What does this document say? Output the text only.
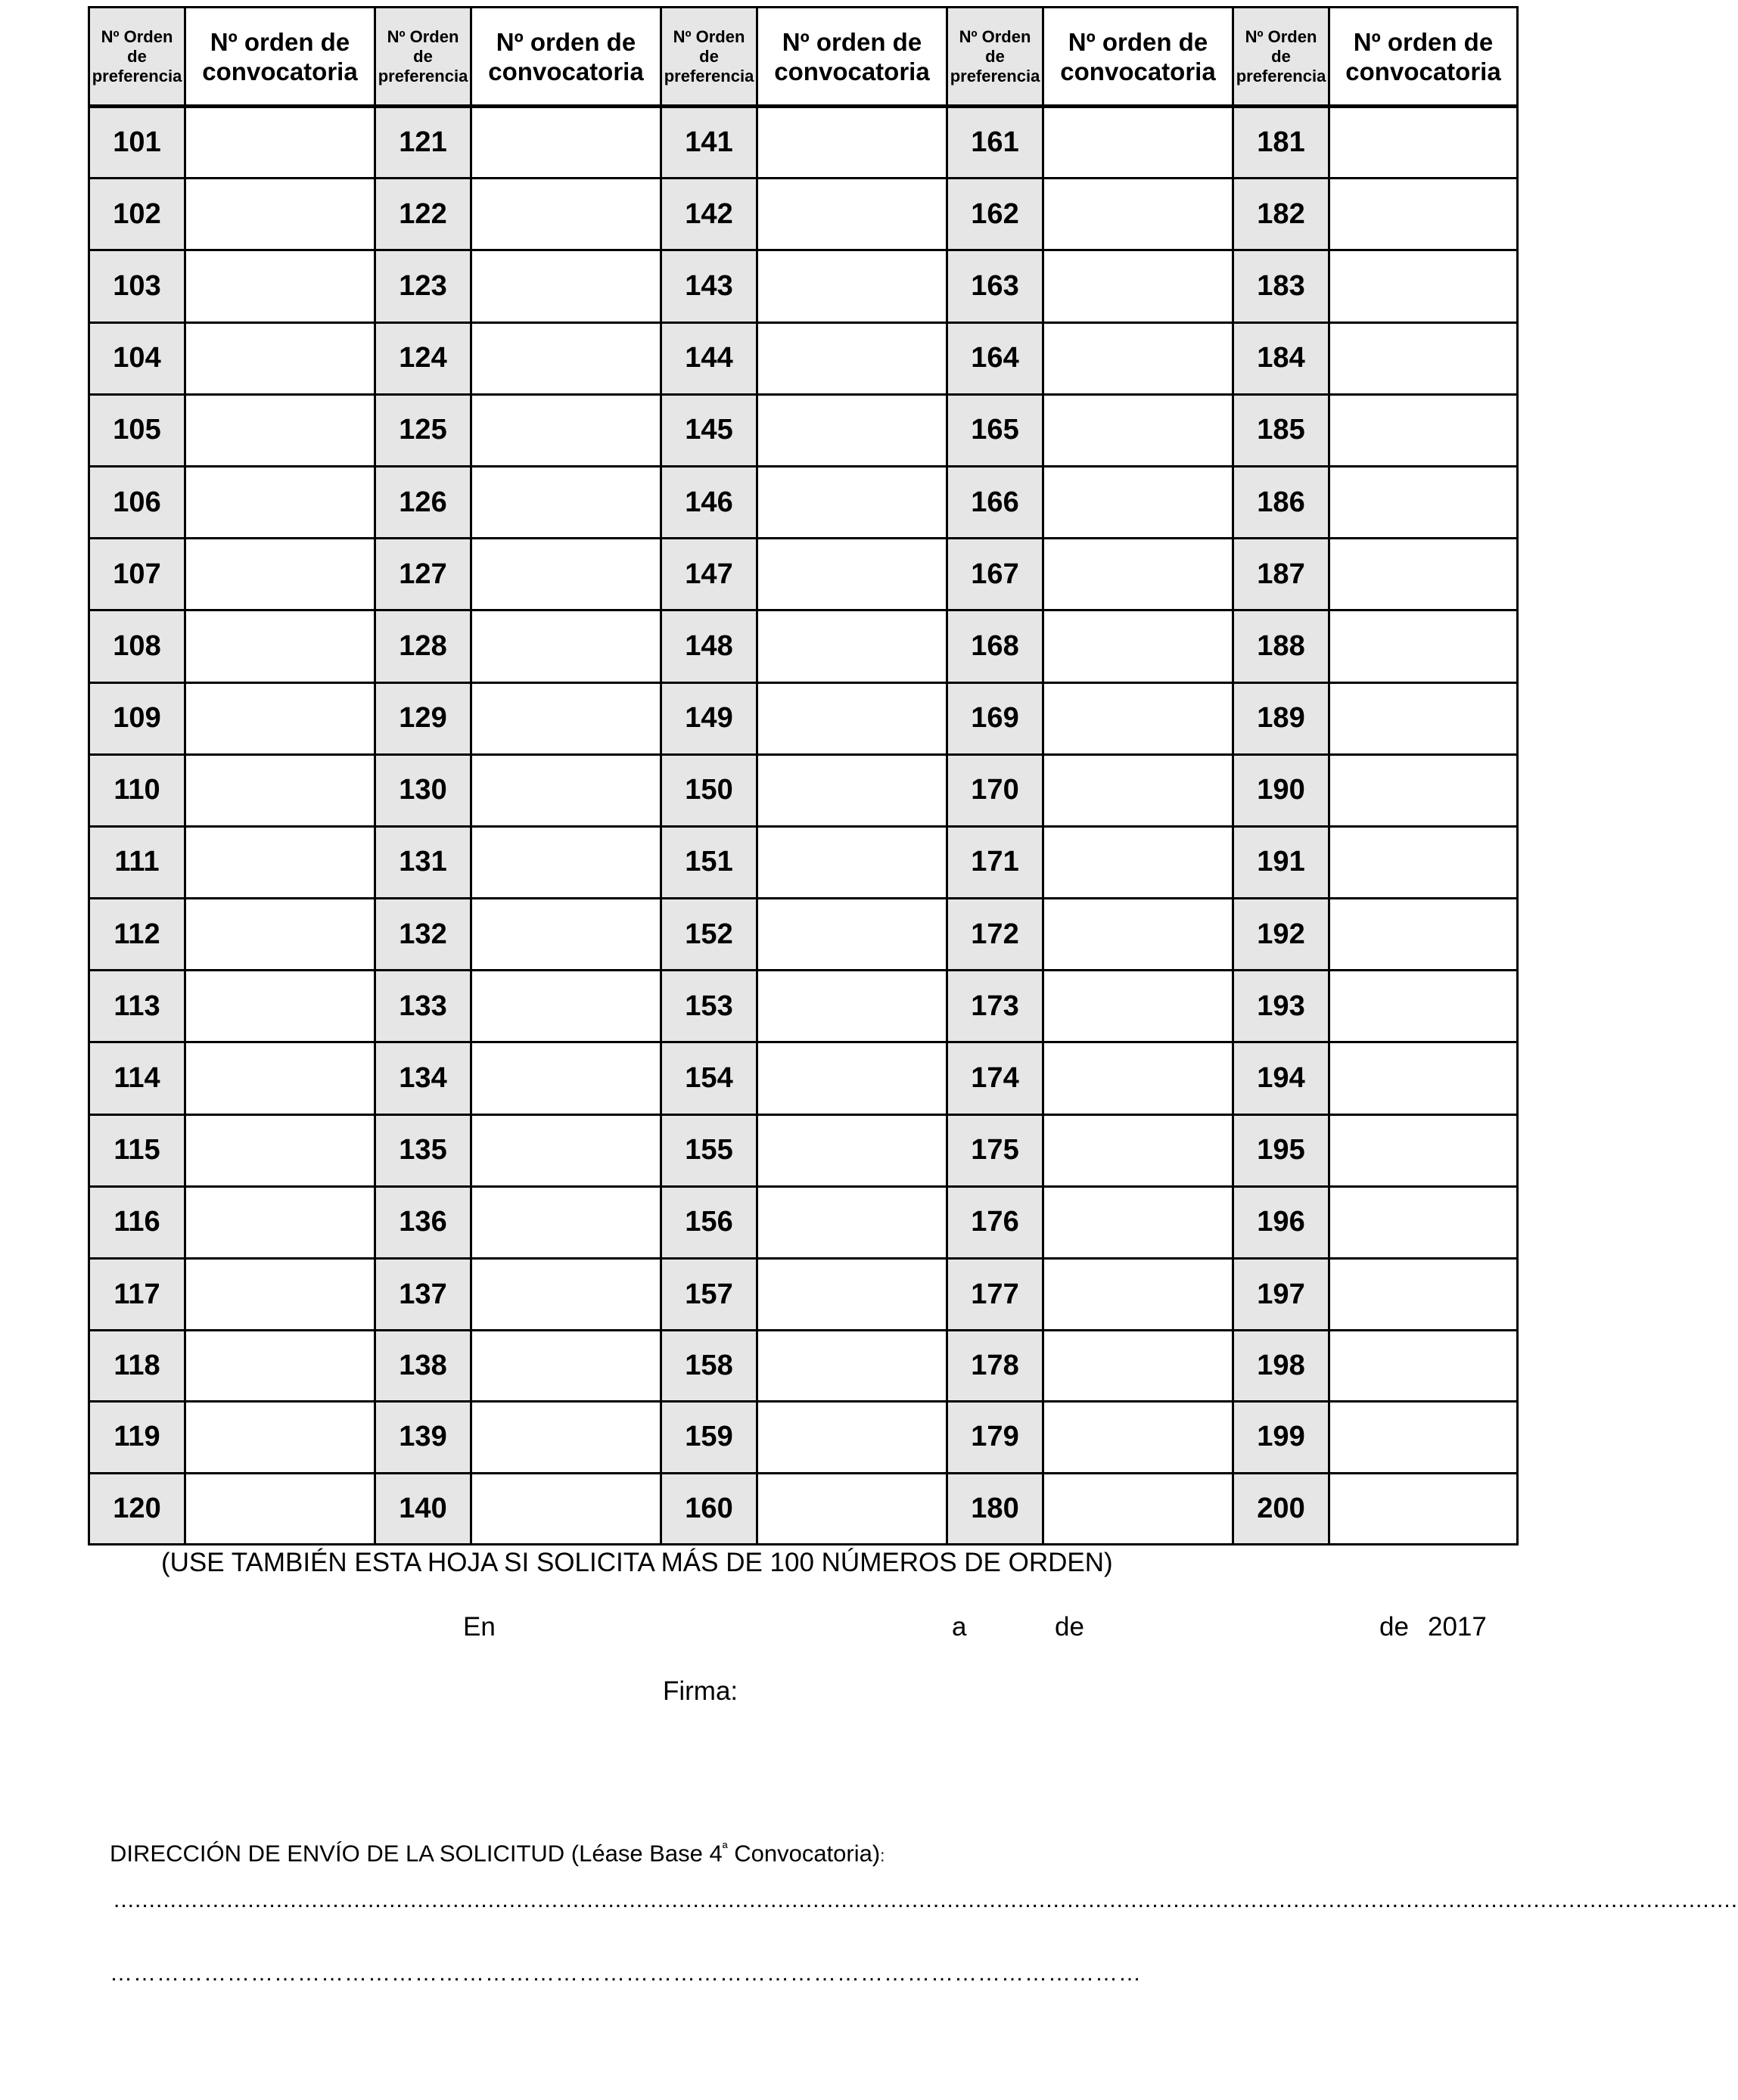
Nº Orden de preferencia	Nº orden de convocatoria	Nº Orden de preferencia	Nº orden de convocatoria	Nº Orden de preferencia	Nº orden de convocatoria	Nº Orden de preferencia	Nº orden de convocatoria	Nº Orden de preferencia	Nº orden de convocatoria
101		121		141		161		181	
102		122		142		162		182	
103		123		143		163		183	
104		124		144		164		184	
105		125		145		165		185	
106		126		146		166		186	
107		127		147		167		187	
108		128		148		168		188	
109		129		149		169		189	
110		130		150		170		190	
111		131		151		171		191	
112		132		152		172		192	
113		133		153		173		193	
114		134		154		174		194	
115		135		155		175		195	
116		136		156		176		196	
117		137		157		177		197	
118		138		158		178		198	
119		139		159		179		199	
120		140		160		180		200	
(USE TAMBIÉN ESTA HOJA SI SOLICITA MÁS DE 100 NÚMEROS DE ORDEN)
En	a	de	de 2017
Firma:
DIRECCIÓN DE ENVÍO DE LA SOLICITUD (Léase Base $4^ª$ Convocatoria):
......................................................................................................................................................................................................................................
……………………………………………………………………………………………………………………
